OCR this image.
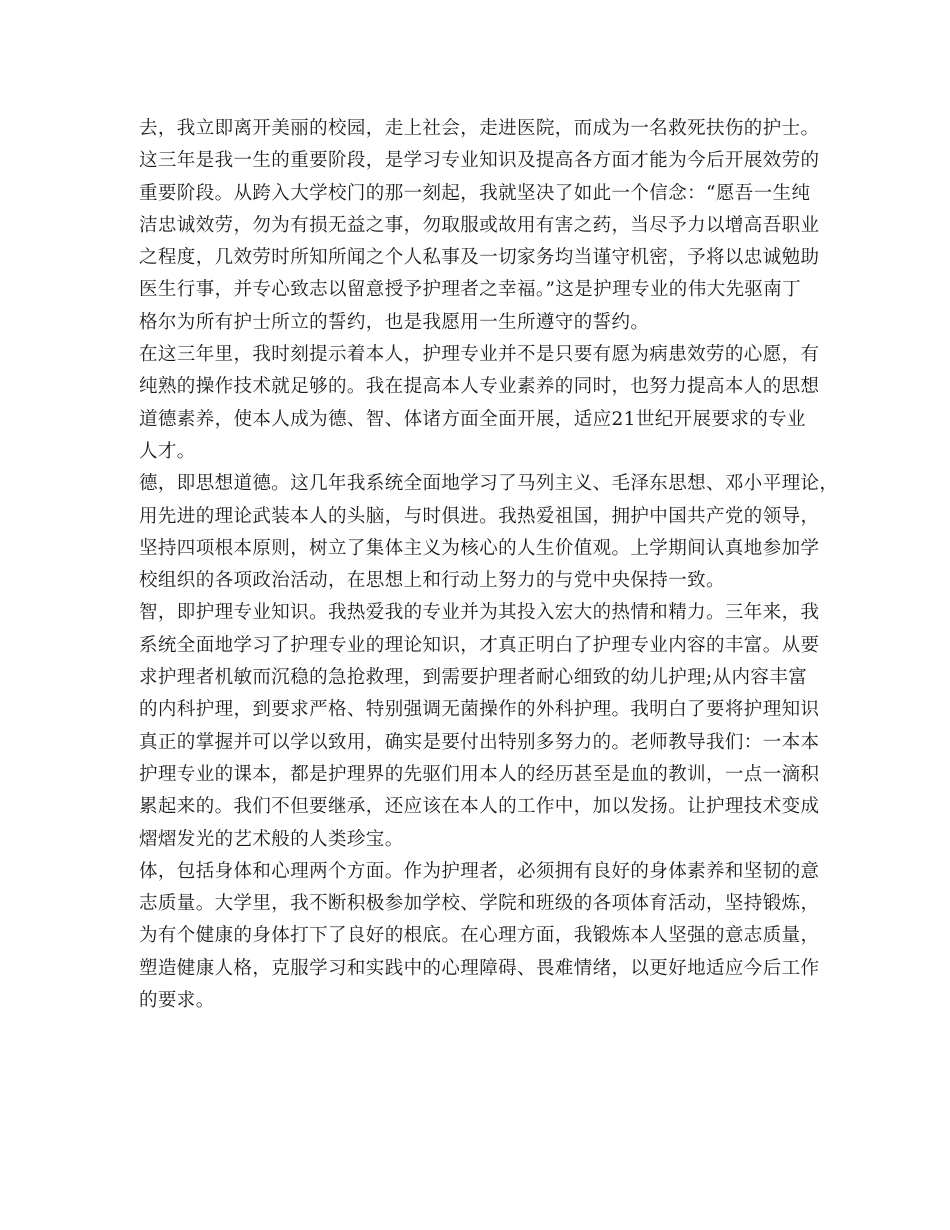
去，我立即离开美丽的校园，走上社会，走进医院，而成为一名救死扶伤的护士。
这三年是我一生的重要阶段，是学习专业知识及提高各方面才能为今后开展效劳的
重要阶段。从跨入大学校门的那一刻起，我就坚决了如此一个信念：“愿吾一生纯
洁忠诚效劳，勿为有损无益之事，勿取服或故用有害之药，当尽予力以增高吾职业
之程度，几效劳时所知所闻之个人私事及一切家务均当谨守机密，予将以忠诚勉助
医生行事，并专心致志以留意授予护理者之幸福。”这是护理专业的伟大先驱南丁
格尔为所有护士所立的誓约，也是我愿用一生所遵守的誓约。
在这三年里，我时刻提示着本人，护理专业并不是只要有愿为病患效劳的心愿，有
纯熟的操作技术就足够的。我在提高本人专业素养的同时，也努力提高本人的思想
道德素养，使本人成为德、智、体诸方面全面开展，适应21世纪开展要求的专业
人才。
德，即思想道德。这几年我系统全面地学习了马列主义、毛泽东思想、邓小平理论，
用先进的理论武装本人的头脑，与时俱进。我热爱祖国，拥护中国共产党的领导，
坚持四项根本原则，树立了集体主义为核心的人生价值观。上学期间认真地参加学
校组织的各项政治活动，在思想上和行动上努力的与党中央保持一致。
智，即护理专业知识。我热爱我的专业并为其投入宏大的热情和精力。三年来，我
系统全面地学习了护理专业的理论知识，才真正明白了护理专业内容的丰富。从要
求护理者机敏而沉稳的急抢救理，到需要护理者耐心细致的幼儿护理;从内容丰富
的内科护理，到要求严格、特别强调无菌操作的外科护理。我明白了要将护理知识
真正的掌握并可以学以致用，确实是要付出特别多努力的。老师教导我们：一本本
护理专业的课本，都是护理界的先驱们用本人的经历甚至是血的教训，一点一滴积
累起来的。我们不但要继承，还应该在本人的工作中，加以发扬。让护理技术变成
熠熠发光的艺术般的人类珍宝。
体，包括身体和心理两个方面。作为护理者，必须拥有良好的身体素养和坚韧的意
志质量。大学里，我不断积极参加学校、学院和班级的各项体育活动，坚持锻炼，
为有个健康的身体打下了良好的根底。在心理方面，我锻炼本人坚强的意志质量，
塑造健康人格，克服学习和实践中的心理障碍、畏难情绪，以更好地适应今后工作
的要求。
